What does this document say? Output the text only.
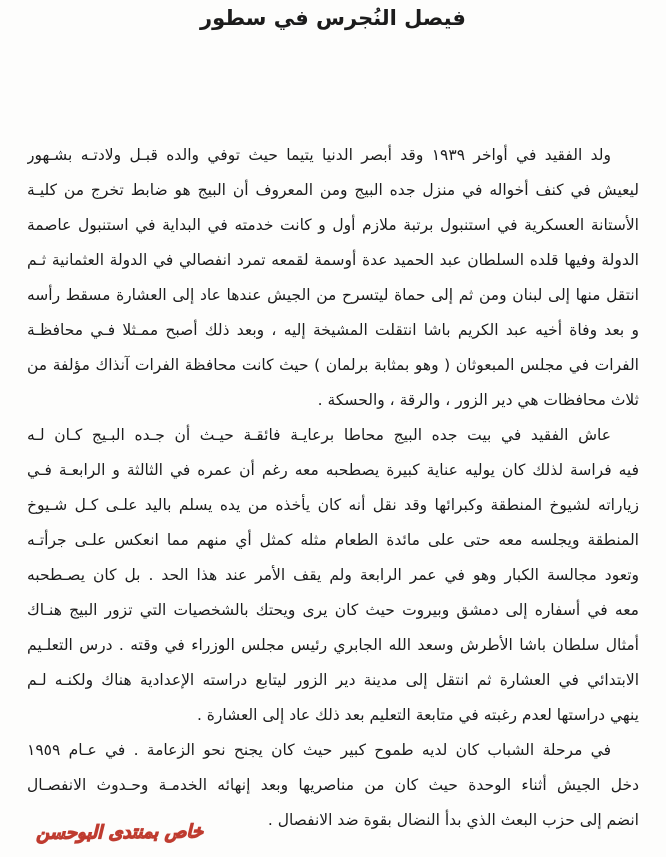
فيصل النُجرس في سطور
ولد الفقيد في أواخر ١٩٣٩ وقد أبصر الدنيا يتيما حيث توفي والده قبـل ولادتـه بشـهور
ليعيش في كنف أخواله في منزل جده البيج ومن المعروف أن البيج هو ضابط تخرج من كليـة
الأستانة العسكرية في استنبول برتبة ملازم أول و كانت خدمته في البداية في استنبول عاصمة
الدولة وفيها قلده السلطان عبد الحميد عدة أوسمة لقمعه تمرد انفصالي في الدولة العثمانية ثـم
انتقل منها إلى لبنان ومن ثم إلى حماة ليتسرح من الجيش عندها عاد إلى العشارة مسقط رأسه
و بعد وفاة أخيه عبد الكريم باشا انتقلت المشيخة إليه ، وبعد ذلك أصبح ممـثلا فـي محافظـة
الفرات في مجلس المبعوثان ( وهو بمثابة برلمان ) حيث كانت محافظة الفرات آنذاك مؤلفة من
ثلاث محافظات هي دير الزور ، والرقة ، والحسكة .
عاش الفقيد في بيت جده البيج محاطا برعايـة فائقـة حيـث أن جـده البـيج كـان لـه
فيه فراسة لذلك كان يوليه عناية كبيرة يصطحبه معه رغم أن عمره في الثالثة و الرابعـة فـي
زياراته لشيوخ المنطقة وكبرائها وقد نقل أنه كان يأخذه من يده يسلم باليد علـى كـل شـيوخ
المنطقة ويجلسه معه حتى على مائدة الطعام مثله كمثل أي منهم مما انعكس علـى جرأتـه
وتعود مجالسة الكبار وهو في عمر الرابعة ولم يقف الأمر عند هذا الحد . بل كان يصـطحبه
معه في أسفاره إلى دمشق وبيروت حيث كان يرى ويحتك بالشخصيات التي تزور البيج هنـاك
أمثال سلطان باشا الأطرش وسعد الله الجابري رئيس مجلس الوزراء في وقته . درس التعلـيم
الابتدائي في العشارة ثم انتقل إلى مدينة دير الزور ليتابع دراسته الإعدادية هناك ولكنـه لـم
ينهي دراستها لعدم رغبته في متابعة التعليم بعد ذلك عاد إلى العشارة .
في مرحلة الشباب كان لديه طموح كبير حيث كان يجنح نحو الزعامة . في عـام ١٩٥٩
دخل الجيش أثناء الوحدة حيث كان من مناصريها وبعد إنهائه الخدمـة وحـدوث الانفصـال
انضم إلى حزب البعث الذي بدأ النضال بقوة ضد الانفصال .
خاص بمنتدى البوحسن
